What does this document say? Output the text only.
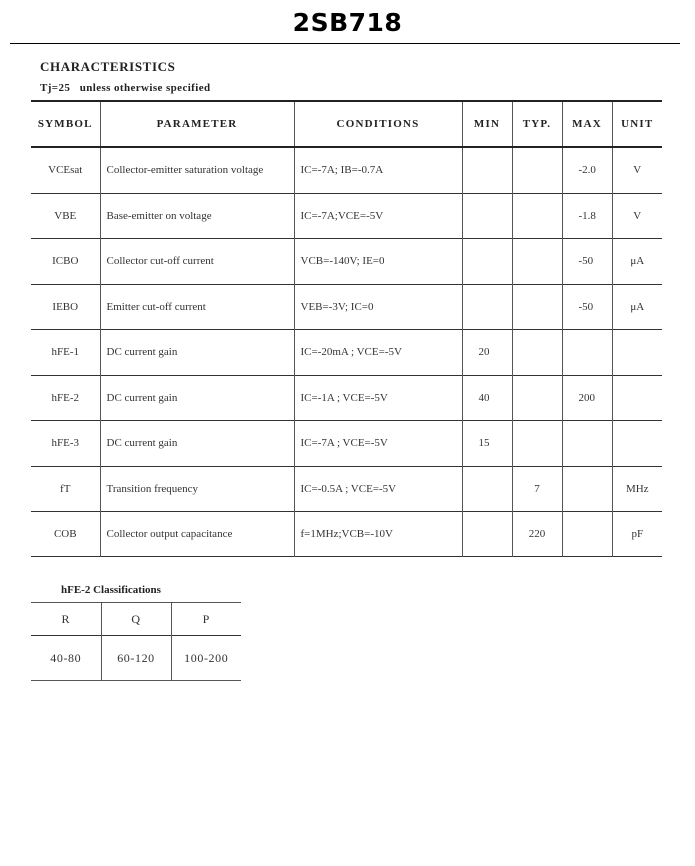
2SB718
CHARACTERISTICS
Tj=25   unless otherwise specified
SYMBOL	PARAMETER	CONDITIONS	MIN	TYP.	MAX	UNIT
VCEsat	Collector-emitter saturation voltage	IC=-7A; IB=-0.7A			-2.0	V
VBE	Base-emitter on voltage	IC=-7A;VCE=-5V			-1.8	V
ICBO	Collector cut-off current	VCB=-140V; IE=0			-50	μA
IEBO	Emitter cut-off current	VEB=-3V; IC=0			-50	μA
hFE-1	DC current gain	IC=-20mA ; VCE=-5V	20			
hFE-2	DC current gain	IC=-1A ; VCE=-5V	40		200	
hFE-3	DC current gain	IC=-7A ; VCE=-5V	15			
fT	Transition frequency	IC=-0.5A ; VCE=-5V		7		MHz
COB	Collector output capacitance	f=1MHz;VCB=-10V		220		pF
hFE-2 Classifications
R	Q	P
40-80	60-120	100-200
